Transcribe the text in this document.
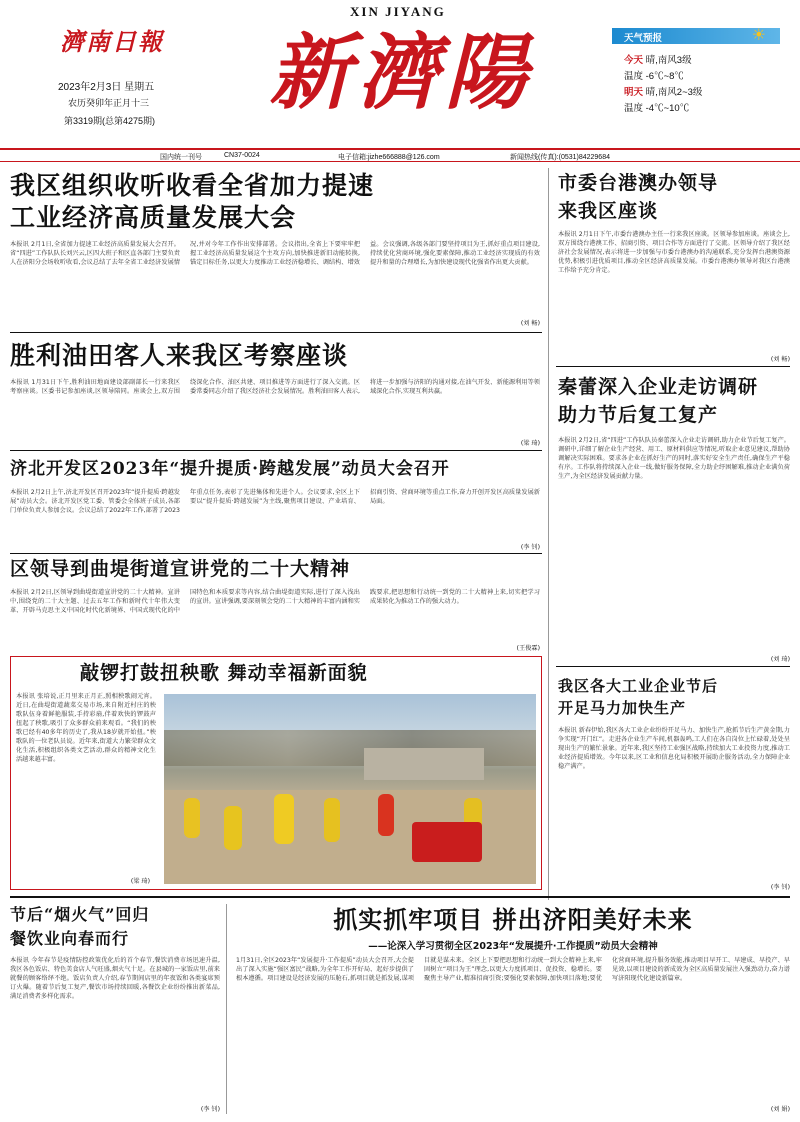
濟南日報
2023年2月3日 星期五
农历癸卯年正月十三
第3319期(总第4275期)
XIN JIYANG
新濟陽	天气预报	☀
今天 晴,南风3级
温度 -6℃~8℃
明天 晴,南风2~3级
温度 -4℃~10℃
国内统一刊号	CN37-0024	电子信箱:jizhe666888@126.com	新闻热线(传真):(0531)84229684
我区组织收听收看全省加力提速
工业经济高质量发展大会
本报讯 2月1日,全省加力提速工业经济高质量发展大会召开。省“四进”工作队队长刘兴云,区四大班子和区直各部门主要负责人在济阳分会场收听收看,会议总结了去年全省工业经济发展情况,并对今年工作作出安排部署。会议指出,全省上下要牢牢把握工业经济高质量发展这个主攻方向,加快推进新旧动能转换,锚定目标任务,以更大力度推动工业经济稳增长、调结构、增效益。会议强调,各级各部门要坚持项目为王,抓好重点项目建设,持续优化营商环境,强化要素保障,推动工业经济实现质的有效提升和量的合理增长,为加快建设现代化强省作出更大贡献。
(刘 畅)
胜利油田客人来我区考察座谈
本报讯 1月31日下午,胜利油田地面建设部副部长一行来我区考察座谈。区委书记参加座谈,区领导陪同。座谈会上,双方围绕深化合作、油区共建、项目推进等方面进行了深入交流。区委常委同志介绍了我区经济社会发展情况。胜利油田客人表示,将进一步加强与济阳的沟通对接,在油气开发、新能源利用等领域深化合作,实现互利共赢。
(梁 琦)
济北开发区2023年“提升提质·跨越发展”动员大会召开
本报讯 2月2日上午,济北开发区召开2023年“提升提质·跨越发展”动员大会。济北开发区党工委、管委会全体班子成员,各部门单位负责人参加会议。会议总结了2022年工作,部署了2023年重点任务,表彰了先进集体和先进个人。会议要求,全区上下要以“提升提质·跨越发展”为主线,聚焦项目建设、产业培育、招商引资、营商环境等重点工作,奋力开创开发区高质量发展新局面。
(李 钊)
区领导到曲堤街道宣讲党的二十大精神
本报讯 2月2日,区领导到曲堤街道宣讲党的二十大精神。宣讲中,围绕党的二十大主题、过去五年工作和新时代十年伟大变革、开辟马克思主义中国化时代化新境界、中国式现代化的中国特色和本质要求等内容,结合曲堤街道实际,进行了深入浅出的宣讲。宣讲强调,要深刻领会党的二十大精神的丰富内涵和实践要求,把思想和行动统一到党的二十大精神上来,切实把学习成果转化为推动工作的强大动力。
(王俊霖)
敲锣打鼓扭秧歌 舞动幸福新面貌
本报讯 张培说,正月里来正月正,照相秧歌闹元宵。近日,在曲堤街道蔬菜交易市场,来自附近村庄的秧歌队伍身着鲜艳服装,手持彩扇,伴着欢快的锣鼓声扭起了秧歌,吸引了众多群众前来观看。“我们的秧歌已经有40多年的历史了,我从18岁就开始扭。”秧歌队的一位老队员说。近年来,街道大力繁荣群众文化生活,积极组织各类文艺活动,群众的精神文化生活越来越丰富。
(梁 琦)
节后“烟火气”回归
餐饮业向春而行
本报讯 今年春节是疫情防控政策优化后的首个春节,餐饮消费市场迅速升温,我区各色饭店、特色美食店人气旺盛,烟火气十足。在县城的一家饭店里,前来就餐的顾客络绎不绝。饭店负责人介绍,春节期间店里的年夜饭和各类宴席预订火爆。随着节后复工复产,餐饮市场持续回暖,各餐饮企业纷纷推出新菜品,满足消费者多样化需求。
(李 钊)
抓实抓牢项目 拼出济阳美好未来
——论深入学习贯彻全区2023年“发展提升·工作提质”动员大会精神
1月31日,全区2023年“发展提升·工作提质”动员大会召开,大会提出了深入实施“强区富民”战略,为全年工作开好局、起好步提供了根本遵循。项目建设是经济发展的压舱石,抓项目就是抓发展,谋项目就是谋未来。全区上下要把思想和行动统一到大会精神上来,牢固树立“项目为王”理念,以更大力度抓项目、促投资、稳增长。要聚焦主导产业,精准招商引资;要强化要素保障,加快项目落地;要优化营商环境,提升服务效能,推动项目早开工、早建成、早投产、早见效,以项目建设的新成效为全区高质量发展注入强劲动力,奋力谱写济阳现代化建设新篇章。
(刘 娟)
市委台港澳办领导
来我区座谈
本报讯 2月1日下午,市委台港澳办主任一行来我区座谈。区领导参加座谈。座谈会上,双方围绕台港澳工作、招商引资、项目合作等方面进行了交流。区领导介绍了我区经济社会发展情况,表示将进一步加强与市委台港澳办的沟通联系,充分发挥台港澳资源优势,积极引进优质项目,推动全区经济高质量发展。市委台港澳办领导对我区台港澳工作给予充分肯定。
(刘 畅)
秦蕾深入企业走访调研
助力节后复工复产
本报讯 2月2日,省“四进”工作队队员秦蕾深入企业走访调研,助力企业节后复工复产。调研中,详细了解企业生产经营、用工、原材料供应等情况,听取企业意见建议,帮助协调解决实际困难。要求各企业在抓好生产的同时,落实好安全生产责任,确保生产平稳有序。工作队将持续深入企业一线,做好服务保障,全力助企纾困解难,推动企业满负荷生产,为全区经济发展贡献力量。
(刘 琦)
我区各大工业企业节后
开足马力加快生产
本报讯 新春伊始,我区各大工业企业纷纷开足马力、加快生产,抢抓节后生产黄金期,力争实现“开门红”。走进各企业生产车间,机器轰鸣,工人们在各自岗位上忙碌着,处处呈现出生产的繁忙景象。近年来,我区坚持工业强区战略,持续加大工业投资力度,推动工业经济提质增效。今年以来,区工业和信息化局积极开展助企服务活动,全力保障企业稳产满产。
(李 钊)
